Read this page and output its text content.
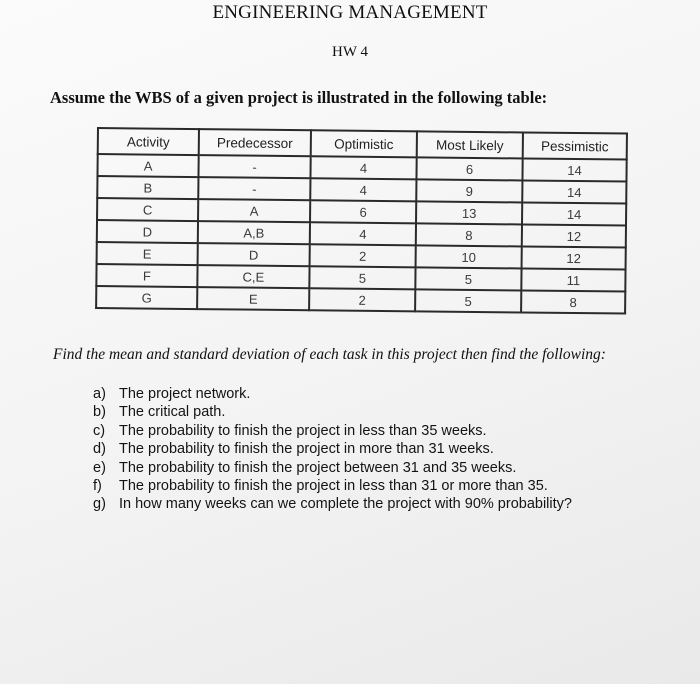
ENGINEERING MANAGEMENT
HW 4

Assume the WBS of a given project is illustrated in the following table:

Activity	Predecessor	Optimistic	Most Likely	Pessimistic
A	-	4	6	14
B	-	4	9	14
C	A	6	13	14
D	A,B	4	8	12
E	D	2	10	12
F	C,E	5	5	11
G	E	2	5	8

Find the mean and standard deviation of each task in this project then find the following:

a) The project network.
b) The critical path.
c) The probability to finish the project in less than 35 weeks.
d) The probability to finish the project in more than 31 weeks.
e) The probability to finish the project between 31 and 35 weeks.
f) The probability to finish the project in less than 31 or more than 35.
g) In how many weeks can we complete the project with 90% probability?
